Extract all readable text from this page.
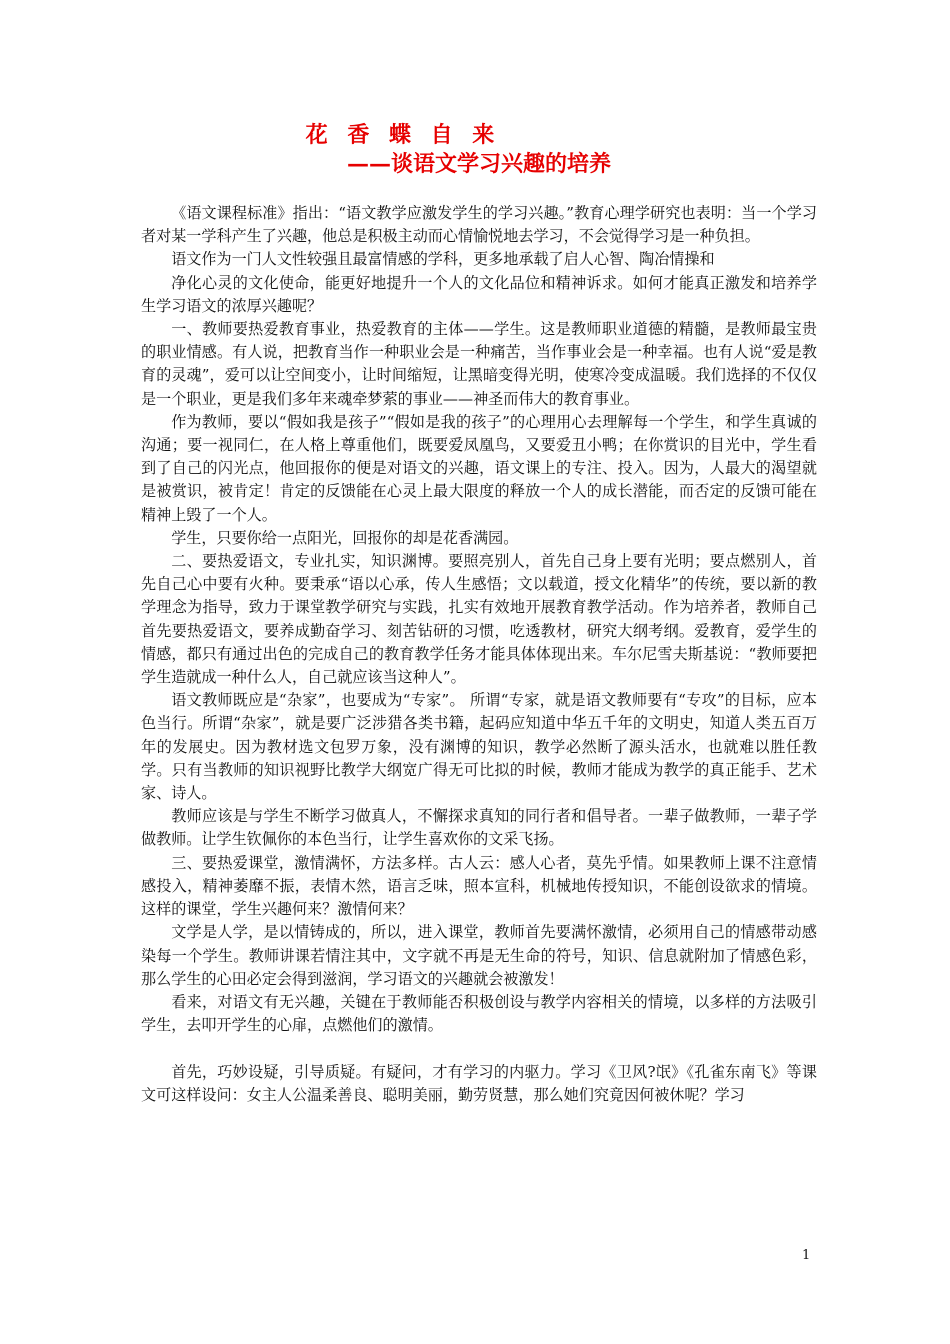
花 香 蝶 自 来
——谈语文学习兴趣的培养

《语文课程标准》指出：“语文教学应激发学生的学习兴趣。”教育心理学研究也表明：当一个学习者对某一学科产生了兴趣，他总是积极主动而心情愉悦地去学习，不会觉得学习是一种负担。

语文作为一门人文性较强且最富情感的学科，更多地承载了启人心智、陶冶情操和

净化心灵的文化使命，能更好地提升一个人的文化品位和精神诉求。如何才能真正激发和培养学生学习语文的浓厚兴趣呢？

一、教师要热爱教育事业，热爱教育的主体——学生。这是教师职业道德的精髓，是教师最宝贵的职业情感。有人说，把教育当作一种职业会是一种痛苦，当作事业会是一种幸福。也有人说“爱是教育的灵魂”，爱可以让空间变小，让时间缩短，让黑暗变得光明，使寒冷变成温暖。我们选择的不仅仅是一个职业，更是我们多年来魂牵梦萦的事业——神圣而伟大的教育事业。

作为教师，要以“假如我是孩子”“假如是我的孩子”的心理用心去理解每一个学生，和学生真诚的沟通；要一视同仁，在人格上尊重他们，既要爱凤凰鸟，又要爱丑小鸭；在你赏识的目光中，学生看到了自己的闪光点，他回报你的便是对语文的兴趣，语文课上的专注、投入。因为，人最大的渴望就是被赏识，被肯定！肯定的反馈能在心灵上最大限度的释放一个人的成长潜能，而否定的反馈可能在精神上毁了一个人。

学生，只要你给一点阳光，回报你的却是花香满园。

二、要热爱语文，专业扎实，知识渊博。要照亮别人，首先自己身上要有光明；要点燃别人，首先自己心中要有火种。要秉承“语以心承，传人生感悟；文以载道，授文化精华”的传统，要以新的教学理念为指导，致力于课堂教学研究与实践，扎实有效地开展教育教学活动。作为培养者，教师自己首先要热爱语文，要养成勤奋学习、刻苦钻研的习惯，吃透教材，研究大纲考纲。爱教育，爱学生的情感，都只有通过出色的完成自己的教育教学任务才能具体体现出来。车尔尼雪夫斯基说：“教师要把学生造就成一种什么人，自己就应该当这种人”。

语文教师既应是“杂家”，也要成为“专家”。 所谓“专家，就是语文教师要有“专攻”的目标，应本色当行。所谓“杂家”，就是要广泛涉猎各类书籍，起码应知道中华五千年的文明史，知道人类五百万年的发展史。因为教材选文包罗万象，没有渊博的知识，教学必然断了源头活水，也就难以胜任教学。只有当教师的知识视野比教学大纲宽广得无可比拟的时候，教师才能成为教学的真正能手、艺术家、诗人。

教师应该是与学生不断学习做真人，不懈探求真知的同行者和倡导者。一辈子做教师，一辈子学做教师。让学生钦佩你的本色当行，让学生喜欢你的文采飞扬。

三、要热爱课堂，激情满怀，方法多样。古人云：感人心者，莫先乎情。如果教师上课不注意情感投入，精神萎靡不振，表情木然，语言乏味，照本宣科，机械地传授知识，不能创设欲求的情境。这样的课堂，学生兴趣何来？激情何来？

文学是人学，是以情铸成的，所以，进入课堂，教师首先要满怀激情，必须用自己的情感带动感染每一个学生。教师讲课若情注其中，文字就不再是无生命的符号，知识、信息就附加了情感色彩，那么学生的心田必定会得到滋润，学习语文的兴趣就会被激发！

看来，对语文有无兴趣，关键在于教师能否积极创设与教学内容相关的情境，以多样的方法吸引学生，去叩开学生的心扉，点燃他们的激情。

首先，巧妙设疑，引导质疑。有疑问，才有学习的内驱力。学习《卫风?氓》《孔雀东南飞》等课文可这样设问：女主人公温柔善良、聪明美丽，勤劳贤慧，那么她们究竟因何被休呢？学习

1
